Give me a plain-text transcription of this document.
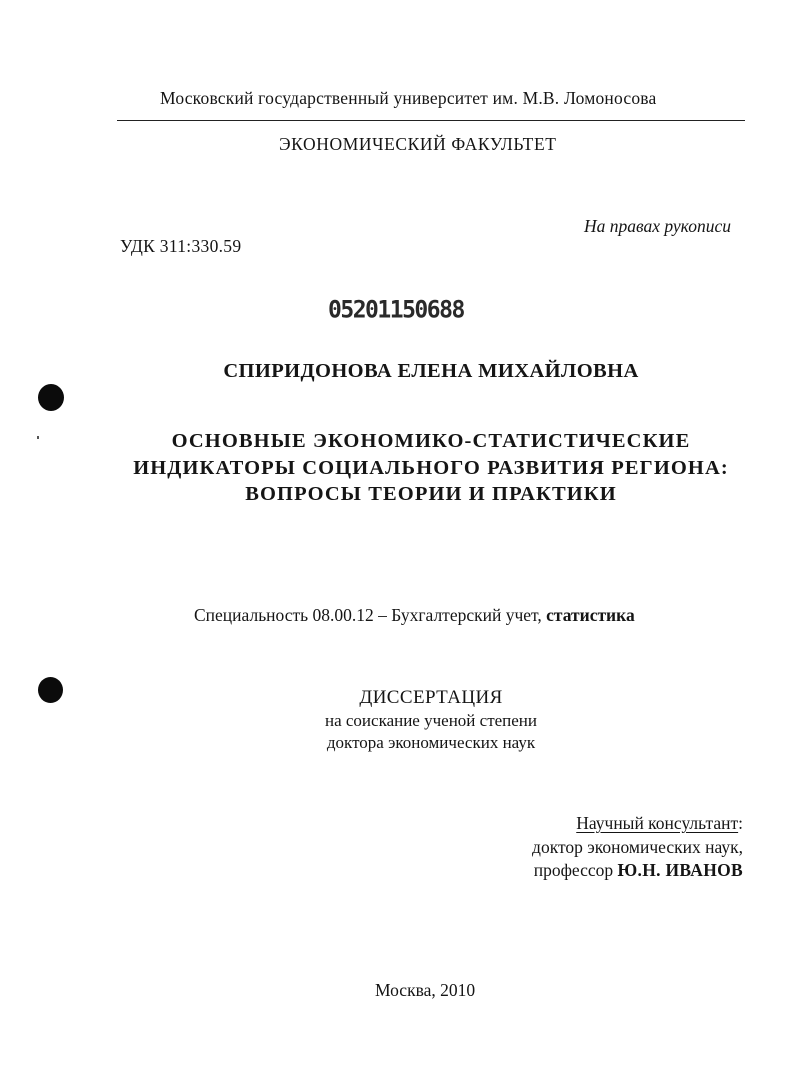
Московский государственный университет им. М.В. Ломоносова
ЭКОНОМИЧЕСКИЙ ФАКУЛЬТЕТ
На правах рукописи
УДК 311:330.59
05201150688
СПИРИДОНОВА ЕЛЕНА МИХАЙЛОВНА
ОСНОВНЫЕ ЭКОНОМИКО-СТАТИСТИЧЕСКИЕ
ИНДИКАТОРЫ СОЦИАЛЬНОГО РАЗВИТИЯ РЕГИОНА:
ВОПРОСЫ ТЕОРИИ И ПРАКТИКИ
Специальность 08.00.12 – Бухгалтерский учет, статистика
ДИССЕРТАЦИЯ
на соискание ученой степени
доктора экономических наук
Научный консультант:
доктор экономических наук,
профессор Ю.Н. ИВАНОВ
Москва, 2010
